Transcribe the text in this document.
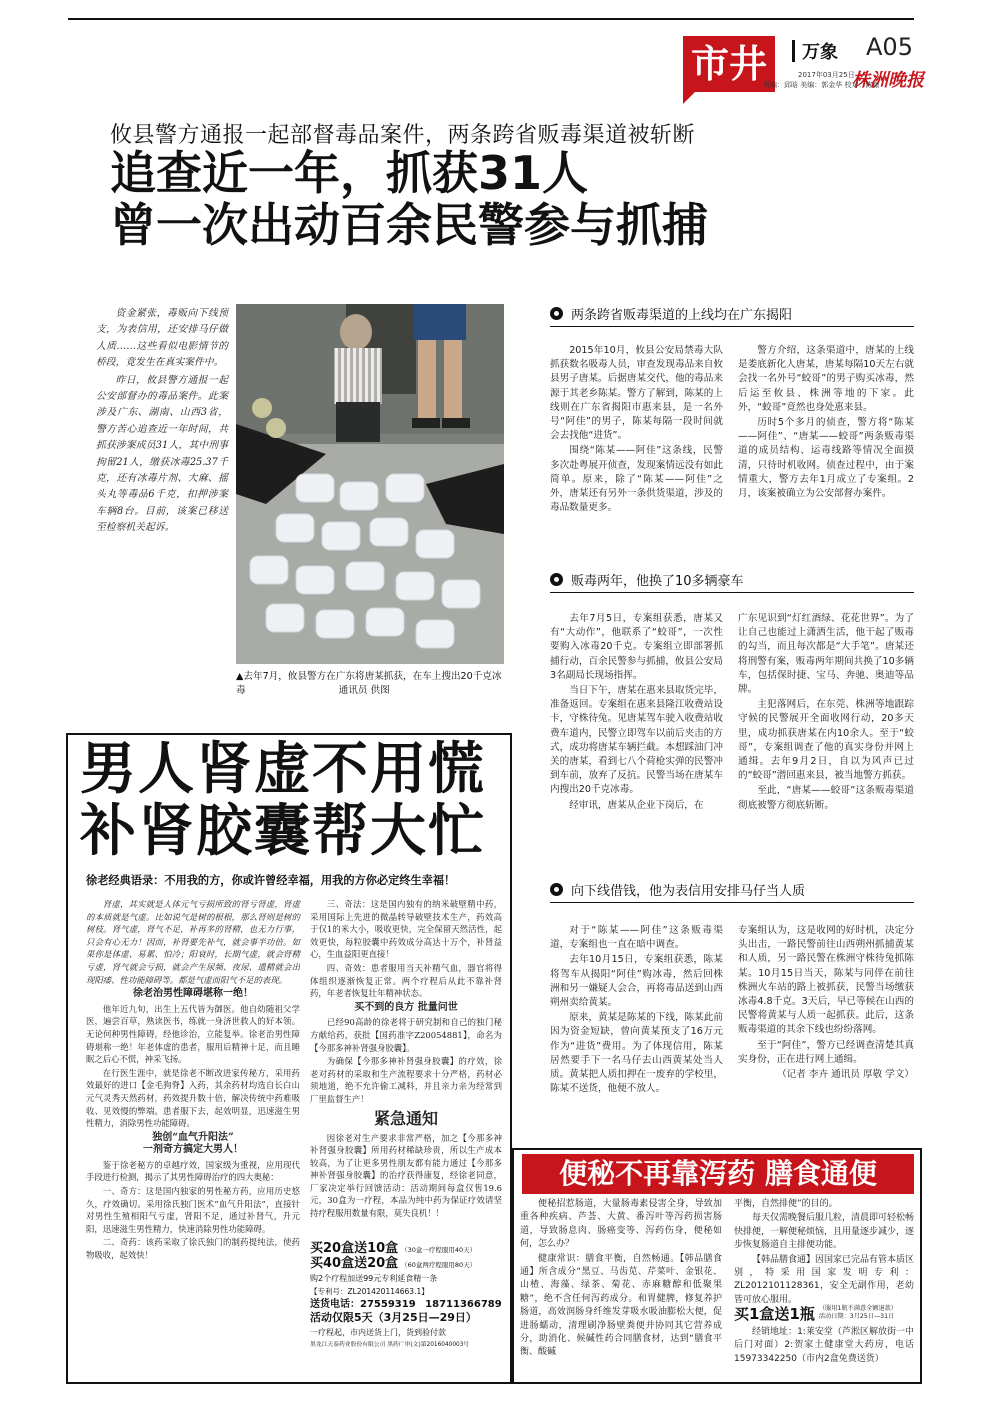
市井	万象 A05
株洲晚报
2017年03月25日
责编：邱晗 美编：郭金华 校对：陈澈
攸县警方通报一起部督毒品案件，两条跨省贩毒渠道被斩断
追查近一年，抓获31人
曾一次出动百余民警参与抓捕

资金紧张，毒贩向下线预支，为表信用，还安排马仔做人质……这些看似电影情节的桥段，竟发生在真实案件中。

昨日，攸县警方通报一起公安部督办的毒品案件。此案涉及广东、湖南、山西3省，警方苦心追查近一年时间，共抓获涉案成员31人，其中刑事拘留21人，缴获冰毒25.37千克，还有冰毒片剂、大麻、摇头丸等毒品6千克，扣押涉案车辆8台。目前，该案已移送至检察机关起诉。

▲去年7月，攸县警方在广东将唐某抓获，在车上搜出20千克冰毒	通讯员 供图
两条跨省贩毒渠道的上线均在广东揭阳

2015年10月，攸县公安局禁毒大队抓获数名吸毒人员，审查发现毒品来自攸县男子唐某。后据唐某交代，他的毒品来源于其老乡陈某。警方了解到，陈某的上线则在广东省揭阳市惠来县，是一名外号“阿佳”的男子，陈某每隔一段时间就会去找他“进货”。

围绕“陈某——阿佳”这条线，民警多次赴粤展开侦查，发现案情远没有如此简单。原来，除了“陈某——阿佳”之外，唐某还有另外一条供货渠道，涉及的毒品数量更多。

警方介绍，这条渠道中，唐某的上线是娄底新化人唐某，唐某每隔10天左右就会找一名外号“蛟哥”的男子购买冰毒，然后运至攸县、株洲等地的下家。此外，“蛟哥”竟然也身处惠来县。

历时5个多月的侦查，警方将“陈某——阿佳”、“唐某——蛟哥”两条贩毒渠道的成员结构、运毒线路等情况全面摸清，只待时机收网。侦查过程中，由于案情重大，警方去年1月成立了专案组。2月，该案被确立为公安部督办案件。

贩毒两年，他换了10多辆豪车

去年7月5日，专案组获悉，唐某又有“大动作”，他联系了“蛟哥”，一次性要购入冰毒20千克。专案组立即部署抓捕行动，百余民警参与抓捕，攸县公安局3名副局长现场指挥。

当日下午，唐某在惠来县取货完毕，准备返回。专案组在惠来县隆江收费站设卡，守株待兔。见唐某驾车驶入收费站收费车道内，民警立即驾车以前后夹击的方式，成功将唐某车辆拦截。本想踩油门冲关的唐某，看到七八个荷枪实弹的民警冲到车前，放弃了反抗。民警当场在唐某车内搜出20千克冰毒。

经审讯，唐某从企业下岗后，在

广东见识到“灯红酒绿、花花世界”。为了让自己也能过上潇洒生活，他干起了贩毒的勾当，而且每次都是“大手笔”。唐某还将刑警有案，贩毒两年期间共换了10多辆车，包括保时捷、宝马、奔驰、奥迪等品牌。

主犯落网后，在东莞、株洲等地跟踪守候的民警展开全面收网行动，20多天里，成功抓获唐某在内10余人。至于“蛟哥”，专案组调查了他的真实身份并网上通缉。去年9月2日，自以为风声已过的“蛟哥”潜回惠来县，被当地警方抓获。

至此，“唐某——蛟哥”这条贩毒渠道彻底被警方彻底斩断。

向下线借钱，他为表信用安排马仔当人质

对于“陈某——阿佳”这条贩毒渠道，专案组也一直在暗中调查。

去年10月15日，专案组获悉，陈某将驾车从揭阳“阿佳”购冰毒，然后回株洲和另一嫌疑人会合，再将毒品送到山西朔州卖给黄某。

原来，黄某是陈某的下线，陈某此前因为资金短缺，曾向黄某预支了16万元作为“进货”费用。为了体现信用，陈某居然要手下一名马仔去山西黄某处当人质。黄某把人质扣押在一废弃的学校里，陈某不送货，他便不放人。

专案组认为，这是收网的好时机，决定分头出击，一路民警前往山西朔州抓捕黄某和人质，另一路民警在株洲守株待兔抓陈某。10月15日当天，陈某与同伴在前往株洲火车站的路上被抓获，民警当场缴获冰毒4.8千克。3天后，早已等候在山西的民警将黄某与人质一起抓获。此后，这条贩毒渠道的其余下线也纷纷落网。

至于“阿佳”，警方已经调查清楚其真实身份，正在进行网上通缉。

（记者 李卉 通讯员 厚敬 学文）

男人肾虚不用慌
补肾胶囊帮大忙
徐老经典语录：不用我的方，你或许曾经幸福，用我的方你必定终生幸福！

肾虚，其实就是人体元气亏损所致的肾亏肾虚，肾虚的本质就是气虚。比如说气是树的根根，那么肾则是树的树枝。肾气虚，肾气不足，补再多的肾精，也无力行事，只会有心无力！因而，补肾要先补气，就会事半功倍。如果你是体虚、易累、怕冷；阳衰时，长期气虚，就会肾精亏虚，肾气就会亏损，就会产生尿频、夜尿、遗精就会出现阳痿、性功能障碍等。都是气虚而阳气不足的表现。

徐老治男性障碍堪称一绝！

他年近九旬，出生上五代皆为御医。他自幼随祖父学医，遍尝百草，熟读医书，练就一身济世救人的好本领。无论何种男性障碍，经他诊治，立能复举。徐老治男性障碍堪称一绝！年老体虚的患者，服用后精神十足，而且睡眠之后心不慌，神采飞扬。

在行医生涯中，就是徐老不断改进家传秘方，采用药效最好的进口【金毛狗脊】入药，其余药材均选自长白山元气灵秀天然药材，药效提升数十倍，解决传统中药难吸收、见效慢的弊端。患者服下去，起效明显，迅速滋生男性精力，消除男性功能障碍。

独创“血气升阳法”
一剂奇方搞定大男人！

鉴于徐老秘方的卓越疗效，国家级为重视，应用现代手段进行检测，揭示了其男性障碍治疗的四大奥秘：

一、奇方：这是国内独家的男性秘方药，应用历史悠久，疗效确切。采用徐氏独门医术“血气升阳法”，直接针对男性生殖相阳气亏虚，肾阳不足，通过补肾气，升元阳，迅速滋生男性精力，快速消除男性功能障碍。

二、奇药：该药采取了徐氏独门的制药提纯法，使药物吸收，起效快！

三、奇法：这是国内独有的纳米破壁精中药，采用国际上先进的微晶转导破壁技术生产，药效高于仅1的米大小，吸收更快，完全保留天然活性，起效更快，每粒胶囊中药效成分高达十万个，补肾益心，生血益阳更直接！

四、奇效：患者服用当天补精气血，器官将得体组织逐渐恢复正常。两个疗程后从此不靠补肾药，年老者恢复壮年精神状态。

买不到的良方 批量问世

已经90高龄的徐老将于研究制和自己的独门秘方献给药，获批【国药准字Z20054881】，命名为【今那多神补肾强身胶囊】。

为确保【今那多神补肾强身胶囊】的疗效，徐老对药材的采取和生产流程要求十分严格，药材必须地道，绝不允许偷工减料，并且亲力亲为经常到厂里监督生产！

紧急通知

因徐老对生产要求非常严格，加之【今那多神补肾强身胶囊】所用药材稀缺珍贵，所以生产成本较高，为了让更多男性朋友都有能力通过【今那多神补肾强身胶囊】的治疗获得康复，经徐老同意，厂家决定举行回馈活动：活动期间每盒仅售19.6元，30盒为一疗程，本品为纯中药为保证疗效请坚持疗程服用数量有限，莫失良机！！

买20盒送10盒 （30盒一疗程服用40天）
买40盒送20盒 （60盒两疗程服用80天）
购2个疗程加送99元专利延食精一条
【专利号：ZL201420114663.1】
送货电话：27559319 18711366789
活动仅限5天（3月25日—29日）
一疗程起，市内送货上门，货到验付款
黑龙江天泰药业股份有限公司 黑药广审(文)第2016040003号
便秘不再靠泻药 膳食通便

便秘招惹肠道，大量肠毒素侵害全身，导致加重各种疾病、芦荟、大黄、番泻叶等泻药损害肠道，导致肠息肉、肠癌变等、泻药伤身，便秘如何，怎么办？

健康常识：膳食平衡，自然畅通。【韩品膳食通】所含成分“黑豆、马齿苋、芹菜叶、金银花、山楂、海藻、绿茶、菊花、赤麻糖醇和低聚果糖”，绝不含任何泻药成分。和胃健脾，修复养护肠道，高效润肠身纤维发芽吸水吸油膨松大便，促进肠蠕动，清理刷净肠壁粪便并协同其它营养成分，助消化、候碱性药合同膳食材，达到“膳食平衡、酸碱

平衡，自然排便”的目的。

每天仅需晚餐后服几粒，清晨即可轻松畅快排便，一解便秘烦恼，且用量逐步减少，逐步恢复肠道自主排便功能。

【韩品膳食通】因国家已完品有管本质区别，特采用国家发明专利：ZL2012101128361，安全无副作用，老幼皆可放心服用。

买1盒送1瓶 （服用1瓶不满意全额退款）
活动日期：3月25日—31日
经销地址：1:莱安堂（芦淞区解放街一中后门对面）2:贺家土健康堂大药房，电话15973342250（市内2盒免费送货）
